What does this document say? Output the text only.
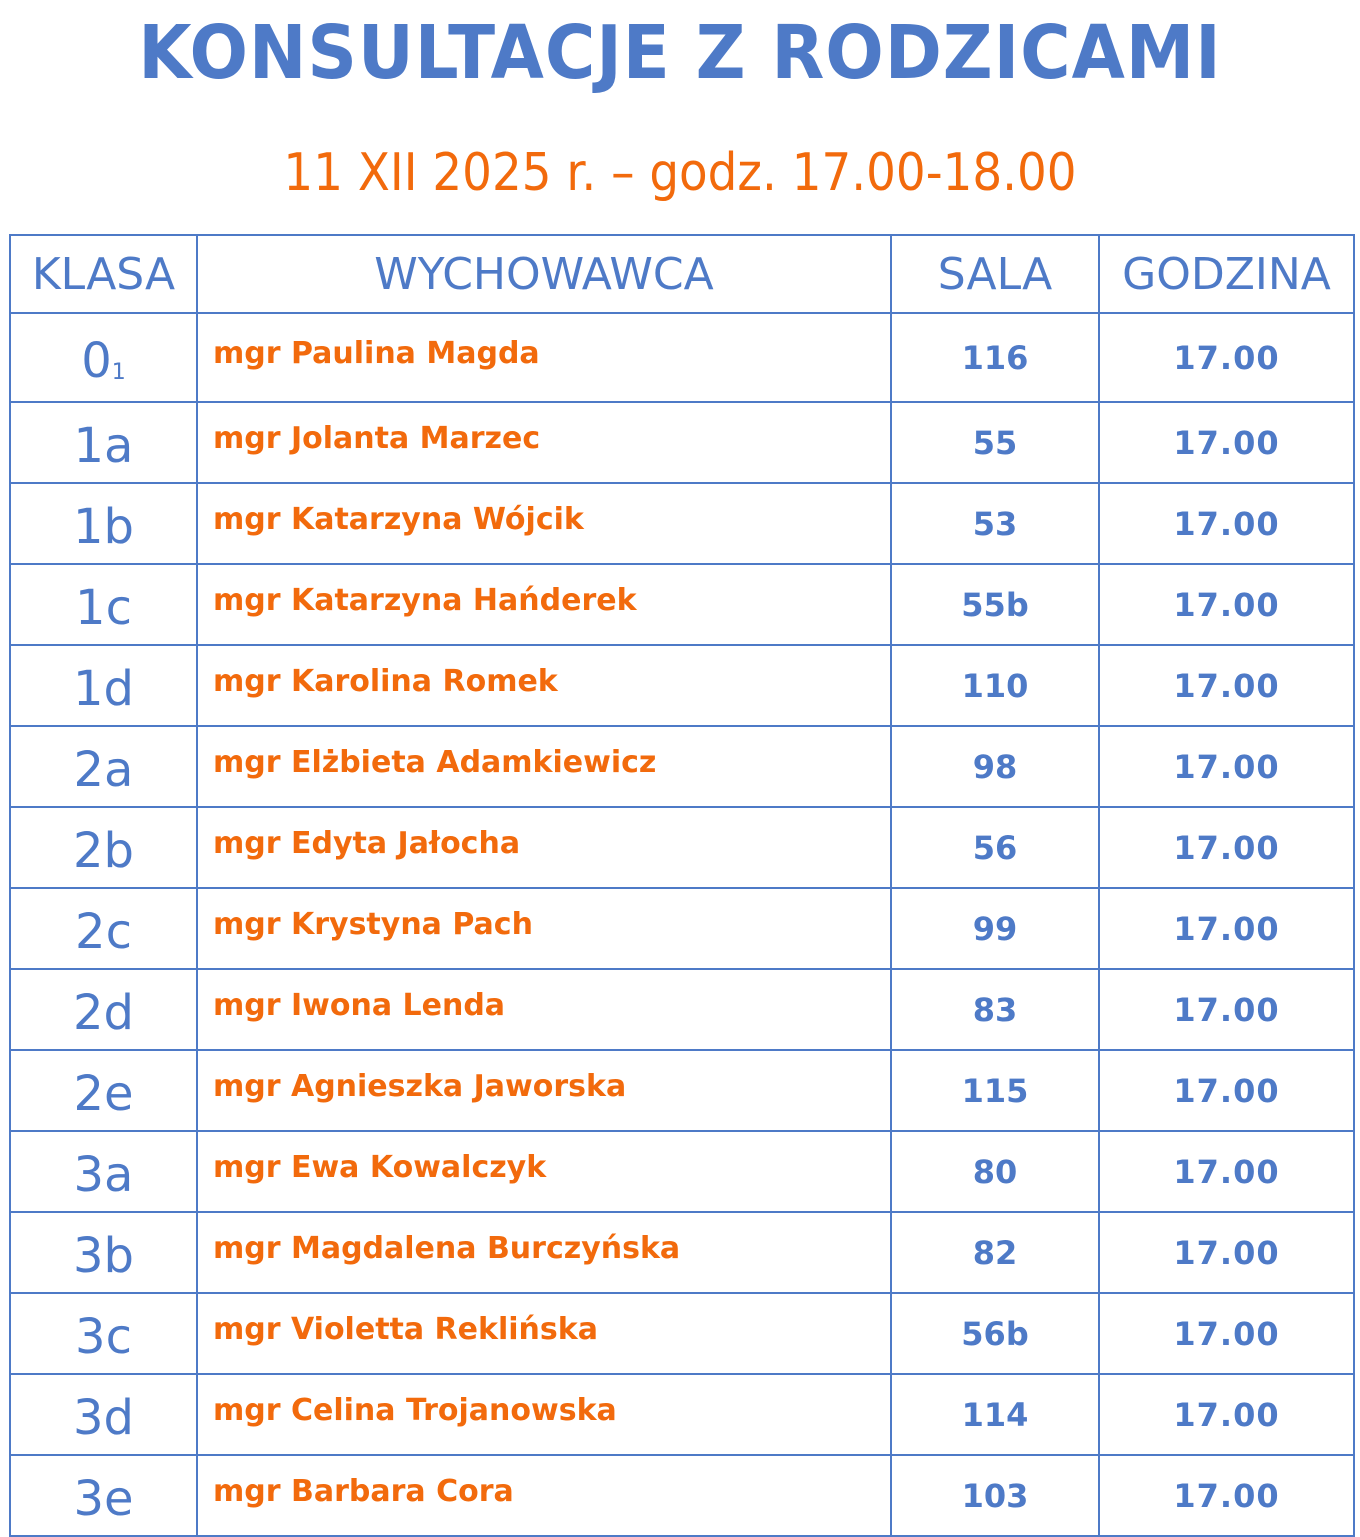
KONSULTACJE Z RODZICAMI
11 XII 2025 r. – godz. 17.00-18.00
KLASA	WYCHOWAWCA	SALA	GODZINA
$0_1$	mgr Paulina Magda	116	17.00
1a	mgr Jolanta Marzec	55	17.00
1b	mgr Katarzyna Wójcik	53	17.00
1c	mgr Katarzyna Hańderek	55b	17.00
1d	mgr Karolina Romek	110	17.00
2a	mgr Elżbieta Adamkiewicz	98	17.00
2b	mgr Edyta Jałocha	56	17.00
2c	mgr Krystyna Pach	99	17.00
2d	mgr Iwona Lenda	83	17.00
2e	mgr Agnieszka Jaworska	115	17.00
3a	mgr Ewa Kowalczyk	80	17.00
3b	mgr Magdalena Burczyńska	82	17.00
3c	mgr Violetta Reklińska	56b	17.00
3d	mgr Celina Trojanowska	114	17.00
3e	mgr Barbara Cora	103	17.00
